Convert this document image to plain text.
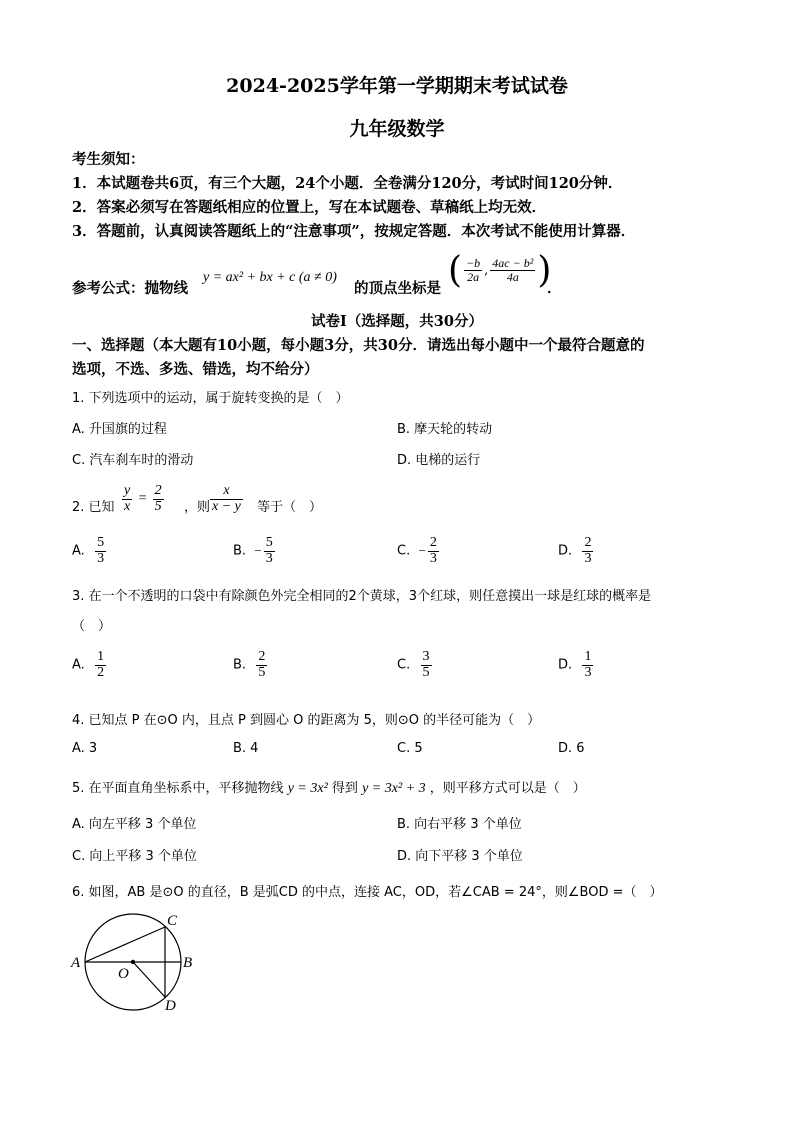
2024-2025学年第一学期期末考试试卷
九年级数学
考生须知：
1．本试题卷共6页，有三个大题，24个小题．全卷满分120分，考试时间120分钟．
2．答案必须写在答题纸相应的位置上，写在本试题卷、草稿纸上均无效．
3．答题前，认真阅读答题纸上的“注意事项”，按规定答题．本次考试不能使用计算器．
参考公式：抛物线
y = ax² + bx + c (a ≠ 0)
的顶点坐标是 ( $\frac{-b}{2a}$ , $\frac{\text{4ac − b²}}{4a}$ )
．
试卷Ⅰ（选择题，共30分）
一、选择题（本大题有10小题，每小题3分，共30分．请选出每小题中一个最符合题意的
选项，不选、多选、错选，均不给分）
1. 下列选项中的运动，属于旋转变换的是（　）
A. 升国旗的过程	B. 摩天轮的转动
C. 汽车刹车时的滑动	D. 电梯的运行
2. 已知 $\frac{y}{x} = \frac{2}{5}$ ，则 $\frac{x}{x - y}$ 等于（　）
A. $\frac{5}{3}$	B. − $\frac{5}{3}$	C. − $\frac{2}{3}$	D. $\frac{2}{3}$
3. 在一个不透明的口袋中有除颜色外完全相同的2个黄球，3个红球，则任意摸出一球是红球的概率是
（　）
A. $\frac{1}{2}$	B. $\frac{2}{5}$	C. $\frac{3}{5}$	D. $\frac{1}{3}$
4. 已知点 P 在⊙O 内，且点 P 到圆心 O 的距离为 5，则⊙O 的半径可能为（　）
A. 3	B. 4	C. 5	D. 6
5. 在平面直角坐标系中，平移抛物线 y = 3x² 得到 y = 3x² + 3 ，则平移方式可以是（　）
A. 向左平移 3 个单位	B. 向右平移 3 个单位
C. 向上平移 3 个单位	D. 向下平移 3 个单位
6. 如图，AB 是⊙O 的直径，B 是弧CD 的中点，连接 AC，OD，若∠CAB = 24°，则∠BOD =（　）
A	B
C
D
O
